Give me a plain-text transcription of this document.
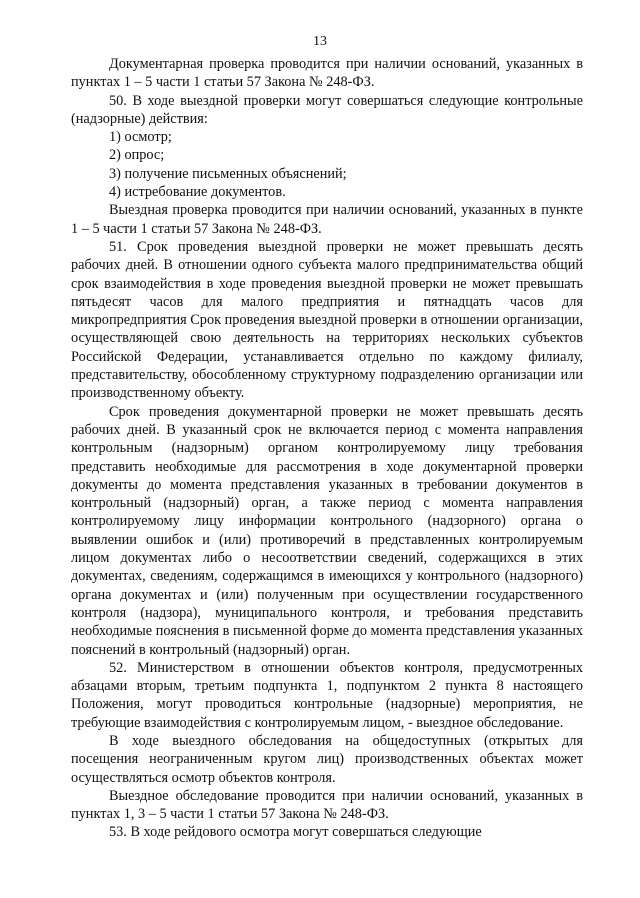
13

Документарная проверка проводится при наличии оснований, указанных в пунктах 1 – 5 части 1 статьи 57 Закона № 248-ФЗ.

50. В ходе выездной проверки могут совершаться следующие контрольные (надзорные) действия:

1) осмотр;

2) опрос;

3) получение письменных объяснений;

4) истребование документов.

Выездная проверка проводится при наличии оснований, указанных в пункте 1 – 5 части 1 статьи 57 Закона № 248-ФЗ.

51. Срок проведения выездной проверки не может превышать десять рабочих дней. В отношении одного субъекта малого предпринимательства общий срок взаимодействия в ходе проведения выездной проверки не может превышать пятьдесят часов для малого предприятия и пятнадцать часов для микропредприятия Срок проведения выездной проверки в отношении организации, осуществляющей свою деятельность на территориях нескольких субъектов Российской Федерации, устанавливается отдельно по каждому филиалу, представительству, обособленному структурному подразделению организации или производственному объекту.

Срок проведения документарной проверки не может превышать десять рабочих дней. В указанный срок не включается период с момента направления контрольным (надзорным) органом контролируемому лицу требования представить необходимые для рассмотрения в ходе документарной проверки документы до момента представления указанных в требовании документов в контрольный (надзорный) орган, а также период с момента направления контролируемому лицу информации контрольного (надзорного) органа о выявлении ошибок и (или) противоречий в представленных контролируемым лицом документах либо о несоответствии сведений, содержащихся в этих документах, сведениям, содержащимся в имеющихся у контрольного (надзорного) органа документах и (или) полученным при осуществлении государственного контроля (надзора), муниципального контроля, и требования представить необходимые пояснения в письменной форме до момента представления указанных пояснений в контрольный (надзорный) орган.

52. Министерством в отношении объектов контроля, предусмотренных абзацами вторым, третьим подпункта 1, подпунктом 2 пункта 8 настоящего Положения, могут проводиться контрольные (надзорные) мероприятия, не требующие взаимодействия с контролируемым лицом, - выездное обследование.

В ходе выездного обследования на общедоступных (открытых для посещения неограниченным кругом лиц) производственных объектах может осуществляться осмотр объектов контроля.

Выездное обследование проводится при наличии оснований, указанных в пунктах 1, 3 – 5 части 1 статьи 57 Закона № 248-ФЗ.

53. В ходе рейдового осмотра могут совершаться следующие
